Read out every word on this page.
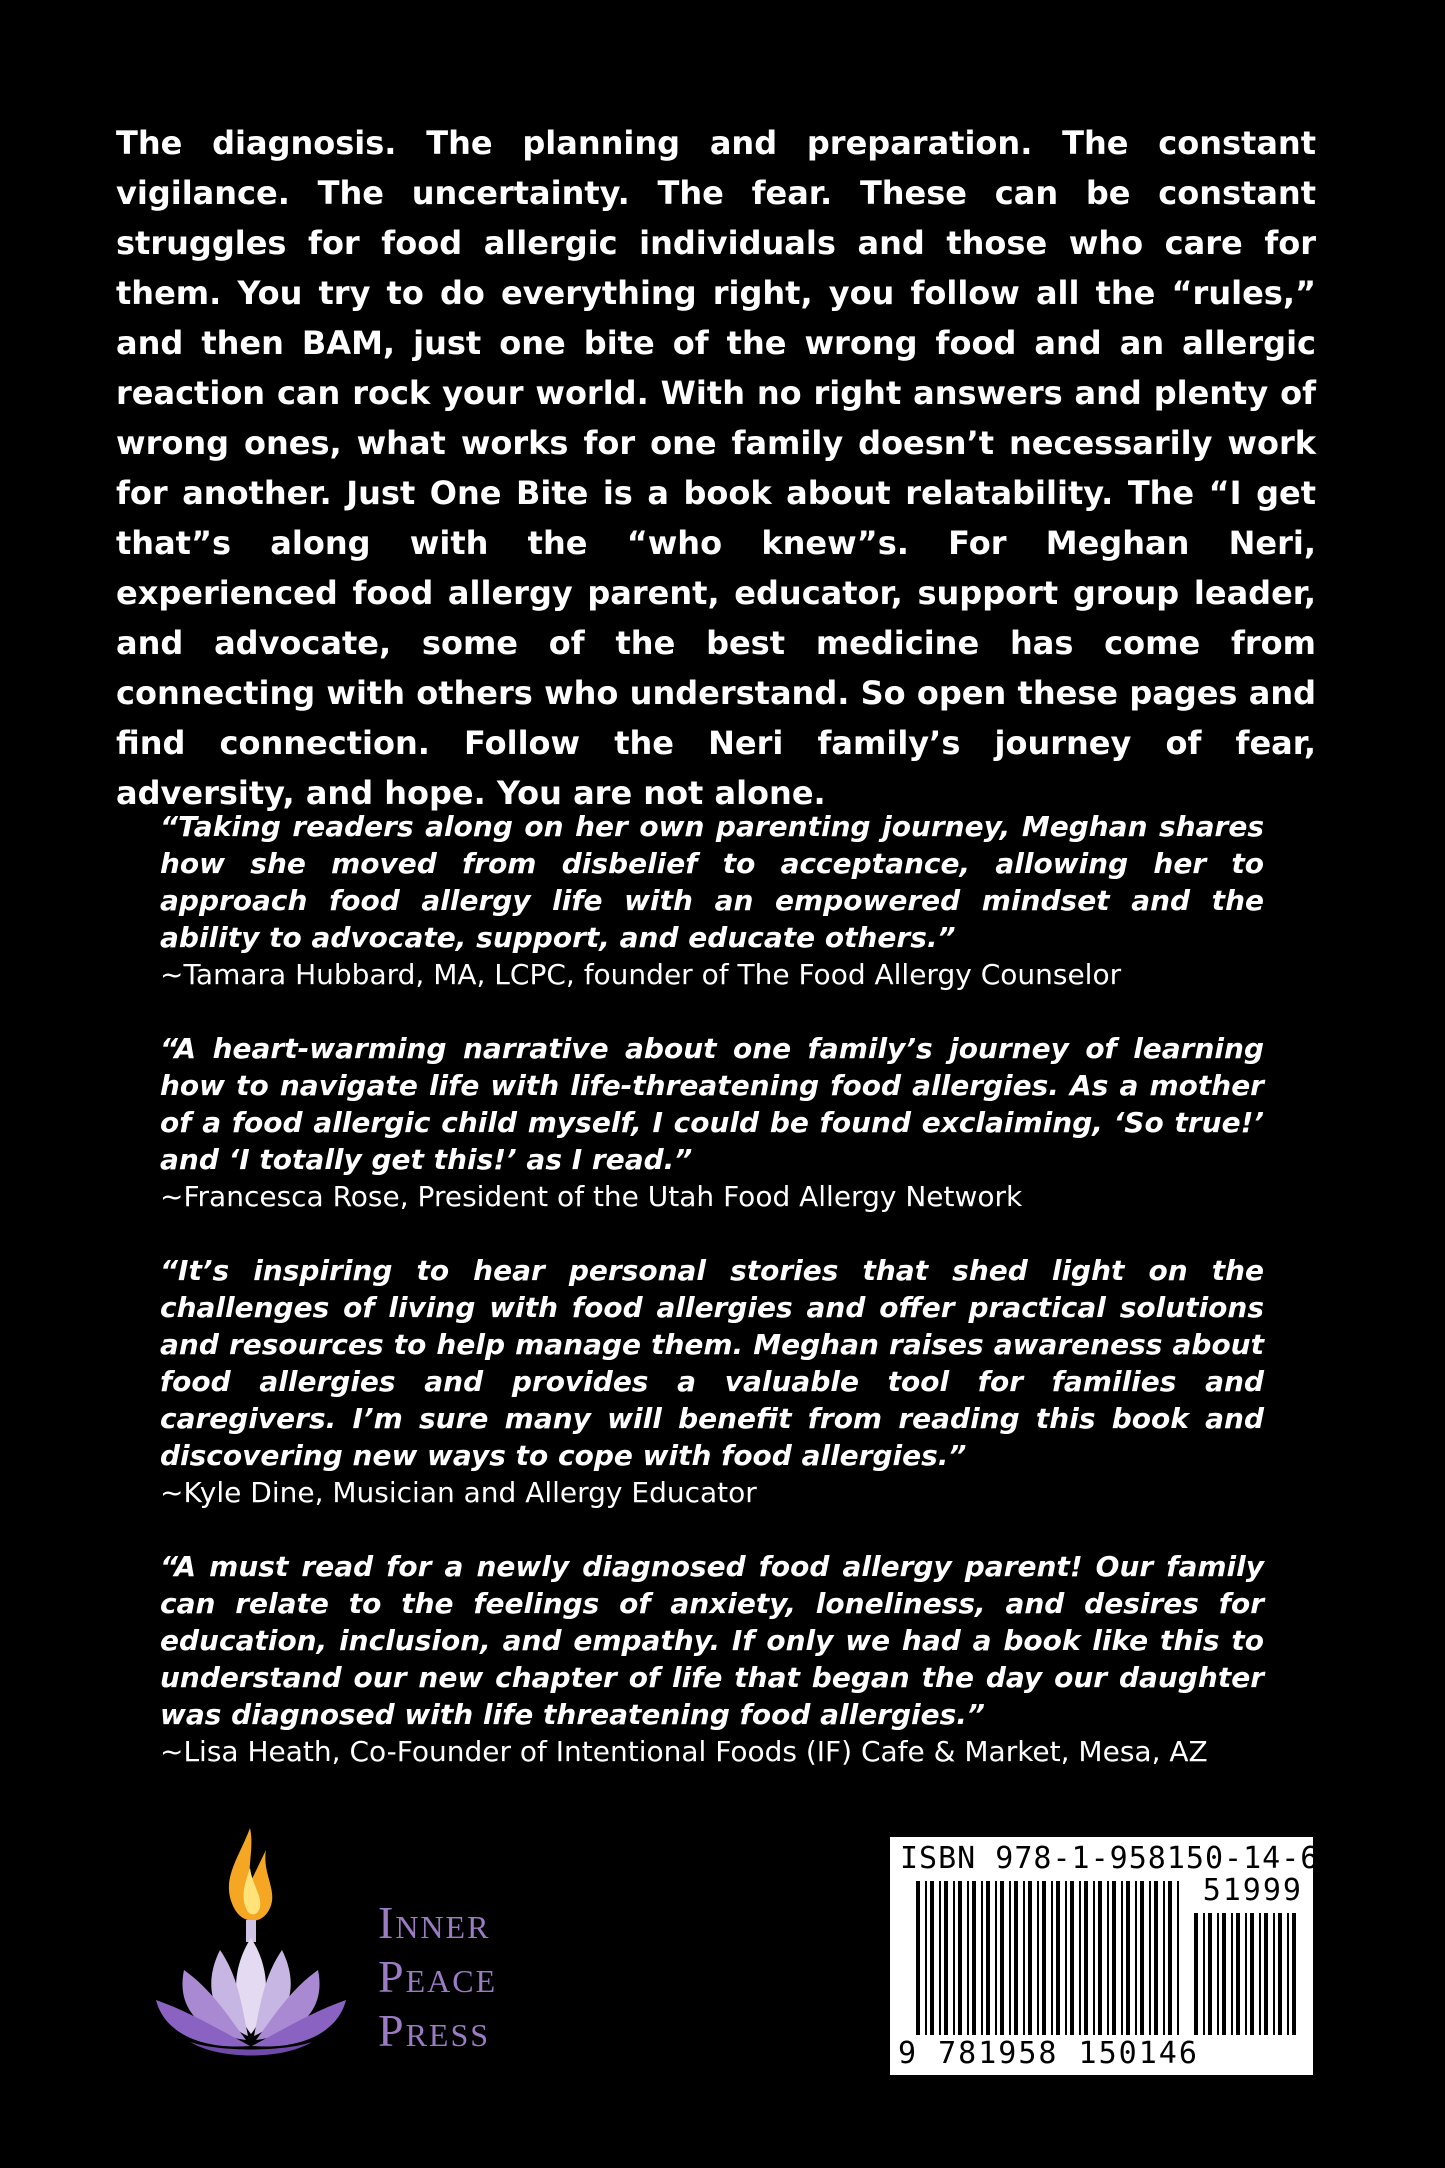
The diagnosis. The planning and preparation. The constant vigilance. The uncertainty. The fear. These can be constant struggles for food allergic individuals and those who care for them. You try to do everything right, you follow all the “rules,” and then BAM, just one bite of the wrong food and an allergic reaction can rock your world. With no right answers and plenty of wrong ones, what works for one family doesn’t necessarily work for another. Just One Bite is a book about relatability. The “I get that”s along with the “who knew”s. For Meghan Neri, experienced food allergy parent, educator, support group leader, and advocate, some of the best medicine has come from connecting with others who understand. So open these pages and find connection. Follow the Neri family’s journey of fear, adversity, and hope. You are not alone.

“Taking readers along on her own parenting journey, Meghan shares how she moved from disbelief to acceptance, allowing her to approach food allergy life with an empowered mindset and the ability to advocate, support, and educate others.”

~Tamara Hubbard, MA, LCPC, founder of The Food Allergy Counselor

“A heart-warming narrative about one family’s journey of learning how to navigate life with life-threatening food allergies. As a mother of a food allergic child myself, I could be found exclaiming, ‘So true!’ and ‘I totally get this!’ as I read.”

~Francesca Rose, President of the Utah Food Allergy Network

“It’s inspiring to hear personal stories that shed light on the challenges of living with food allergies and offer practical solutions and resources to help manage them. Meghan raises awareness about food allergies and provides a valuable tool for families and caregivers. I’m sure many will benefit from reading this book and discovering new ways to cope with food allergies.”

~Kyle Dine, Musician and Allergy Educator

“A must read for a newly diagnosed food allergy parent! Our family can relate to the feelings of anxiety, loneliness, and desires for education, inclusion, and empathy. If only we had a book like this to understand our new chapter of life that began the day our daughter was diagnosed with life threatening food allergies.”

~Lisa Heath, Co-Founder of Intentional Foods (IF) Cafe & Market, Mesa, AZ

Inner
Peace
Press
ISBN 978-1-958150-14-6
51999
9 781958 150146
